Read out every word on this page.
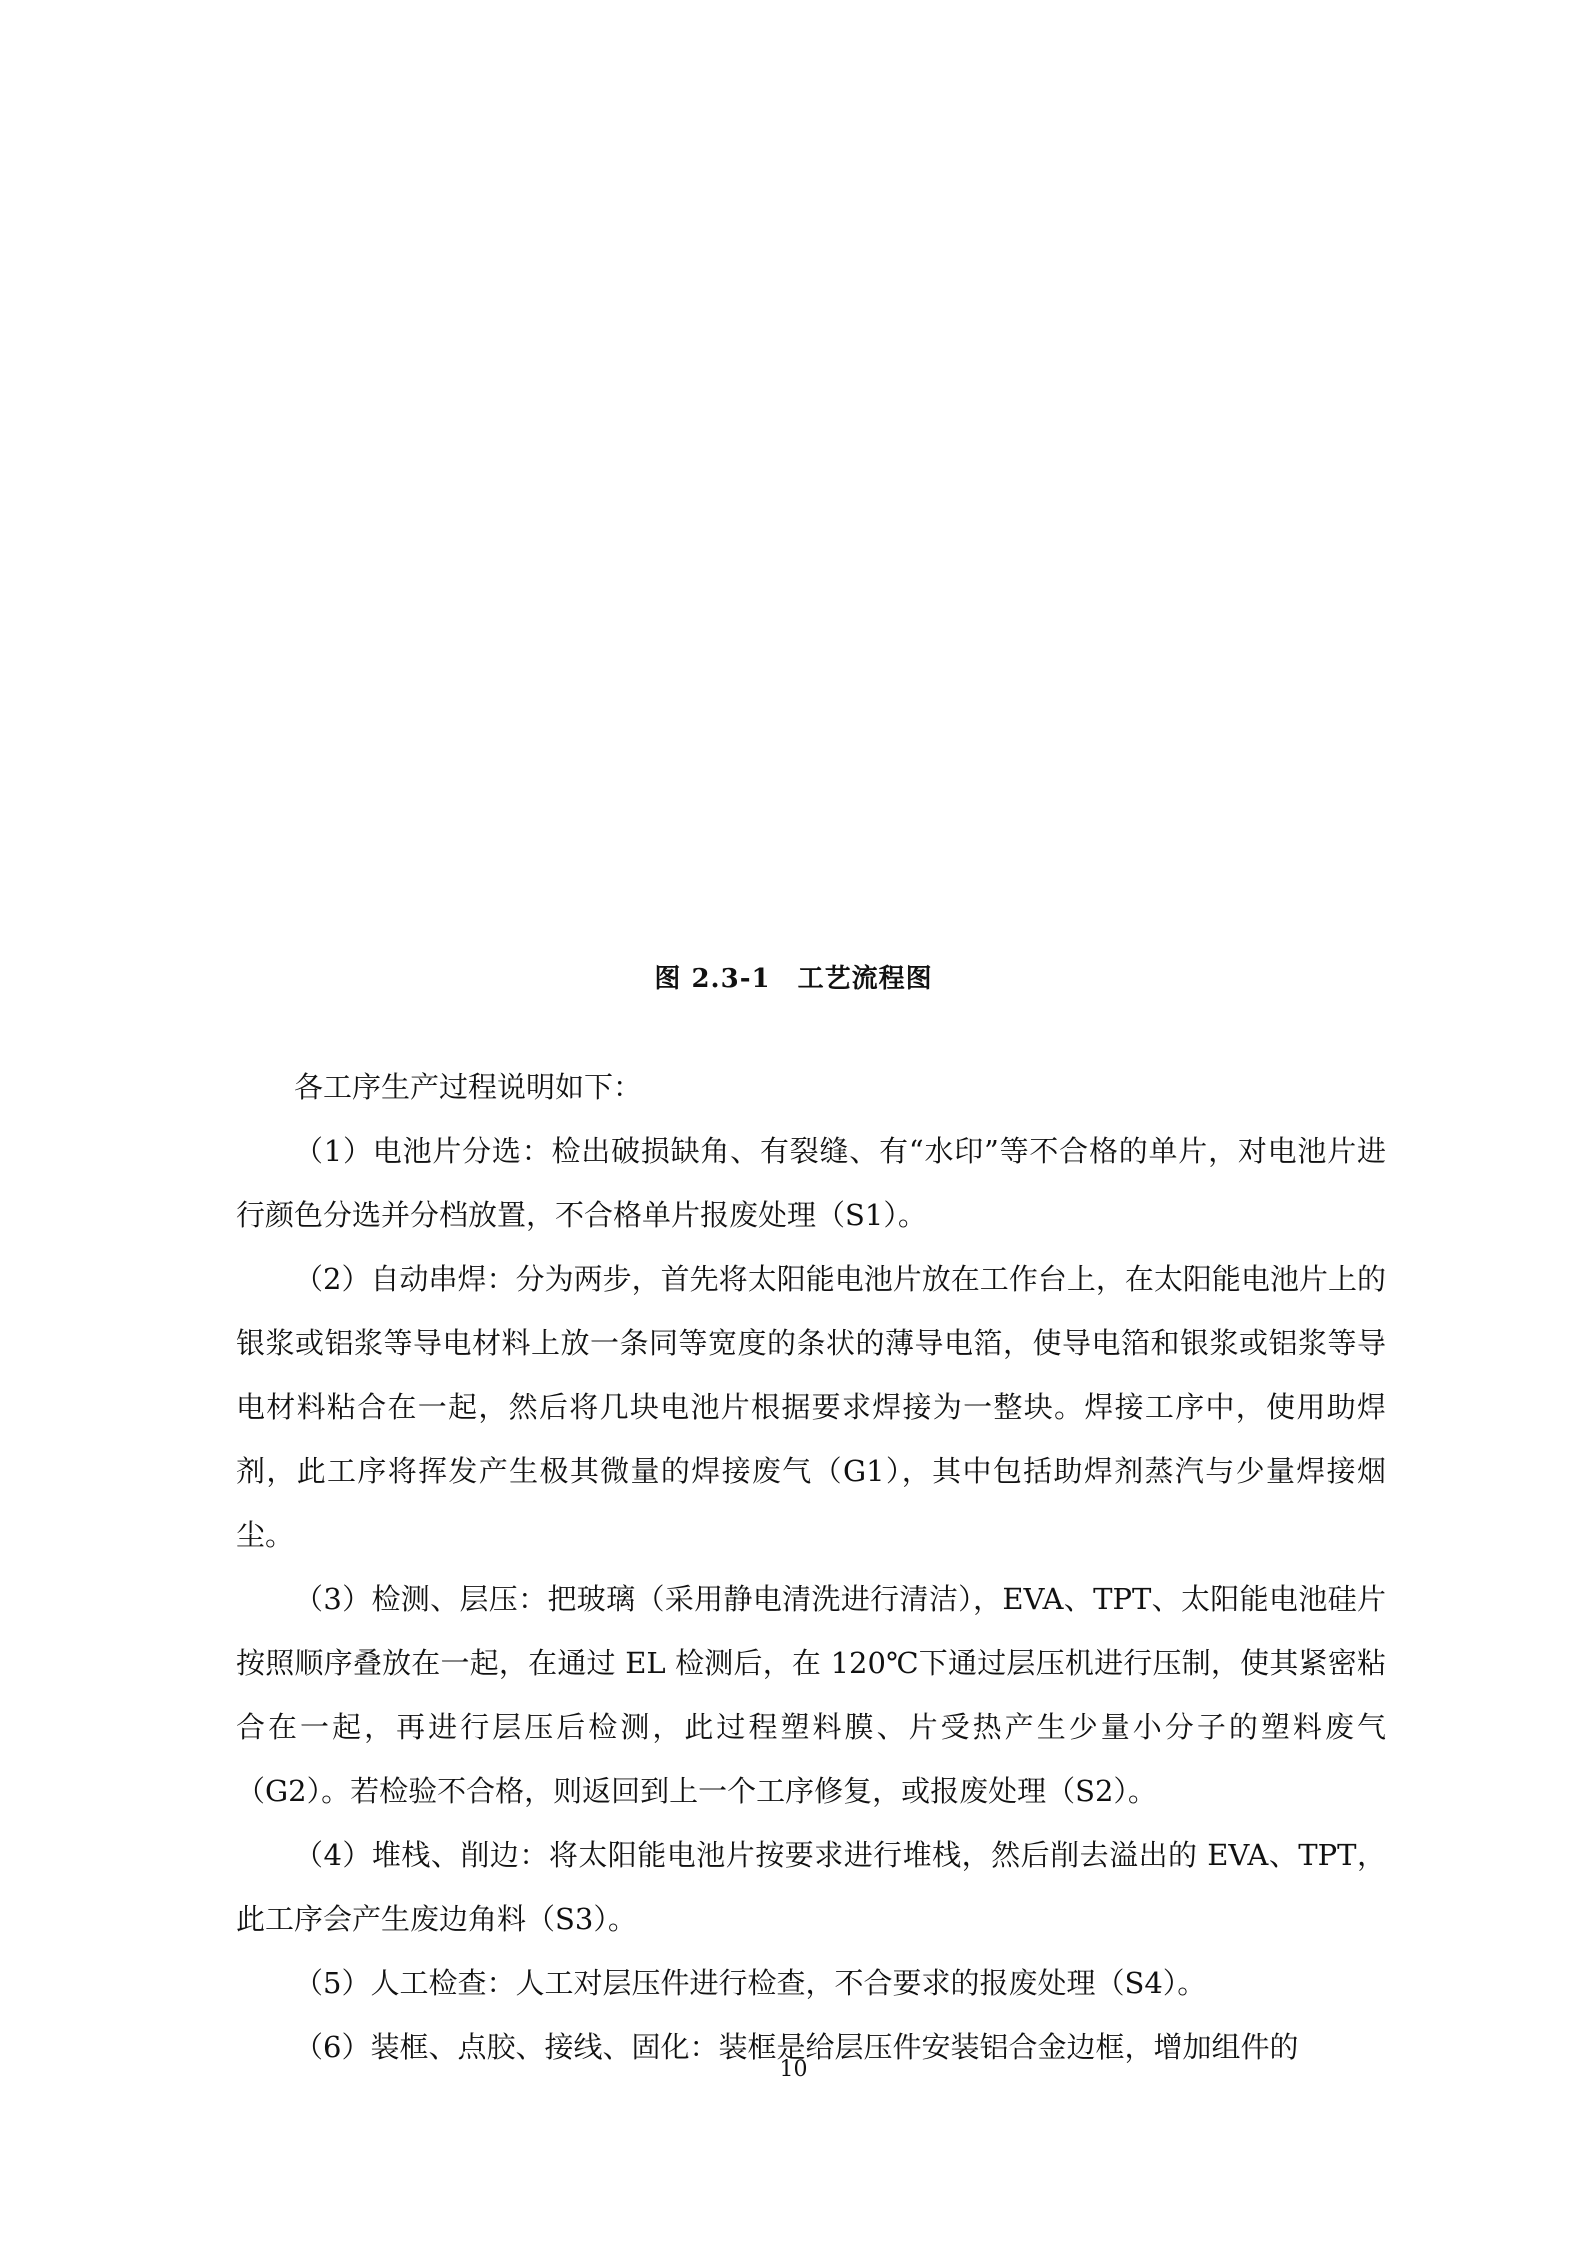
图 2.3-1　工艺流程图

各工序生产过程说明如下：

（1）电池片分选：检出破损缺角、有裂缝、有“水印”等不合格的单片，对电池片进行颜色分选并分档放置，不合格单片报废处理（S1）。

（2）自动串焊：分为两步，首先将太阳能电池片放在工作台上，在太阳能电池片上的银浆或铝浆等导电材料上放一条同等宽度的条状的薄导电箔，使导电箔和银浆或铝浆等导电材料粘合在一起，然后将几块电池片根据要求焊接为一整块。焊接工序中，使用助焊剂，此工序将挥发产生极其微量的焊接废气（G1），其中包括助焊剂蒸汽与少量焊接烟尘。

（3）检测、层压：把玻璃（采用静电清洗进行清洁），EVA、TPT、太阳能电池硅片按照顺序叠放在一起，在通过 EL 检测后，在 120℃下通过层压机进行压制，使其紧密粘合在一起，再进行层压后检测，此过程塑料膜、片受热产生少量小分子的塑料废气（G2）。若检验不合格，则返回到上一个工序修复，或报废处理（S2）。

（4）堆栈、削边：将太阳能电池片按要求进行堆栈，然后削去溢出的 EVA、TPT，此工序会产生废边角料（S3）。

（5）人工检查：人工对层压件进行检查，不合要求的报废处理（S4）。

（6）装框、点胶、接线、固化：装框是给层压件安装铝合金边框，增加组件的

10
